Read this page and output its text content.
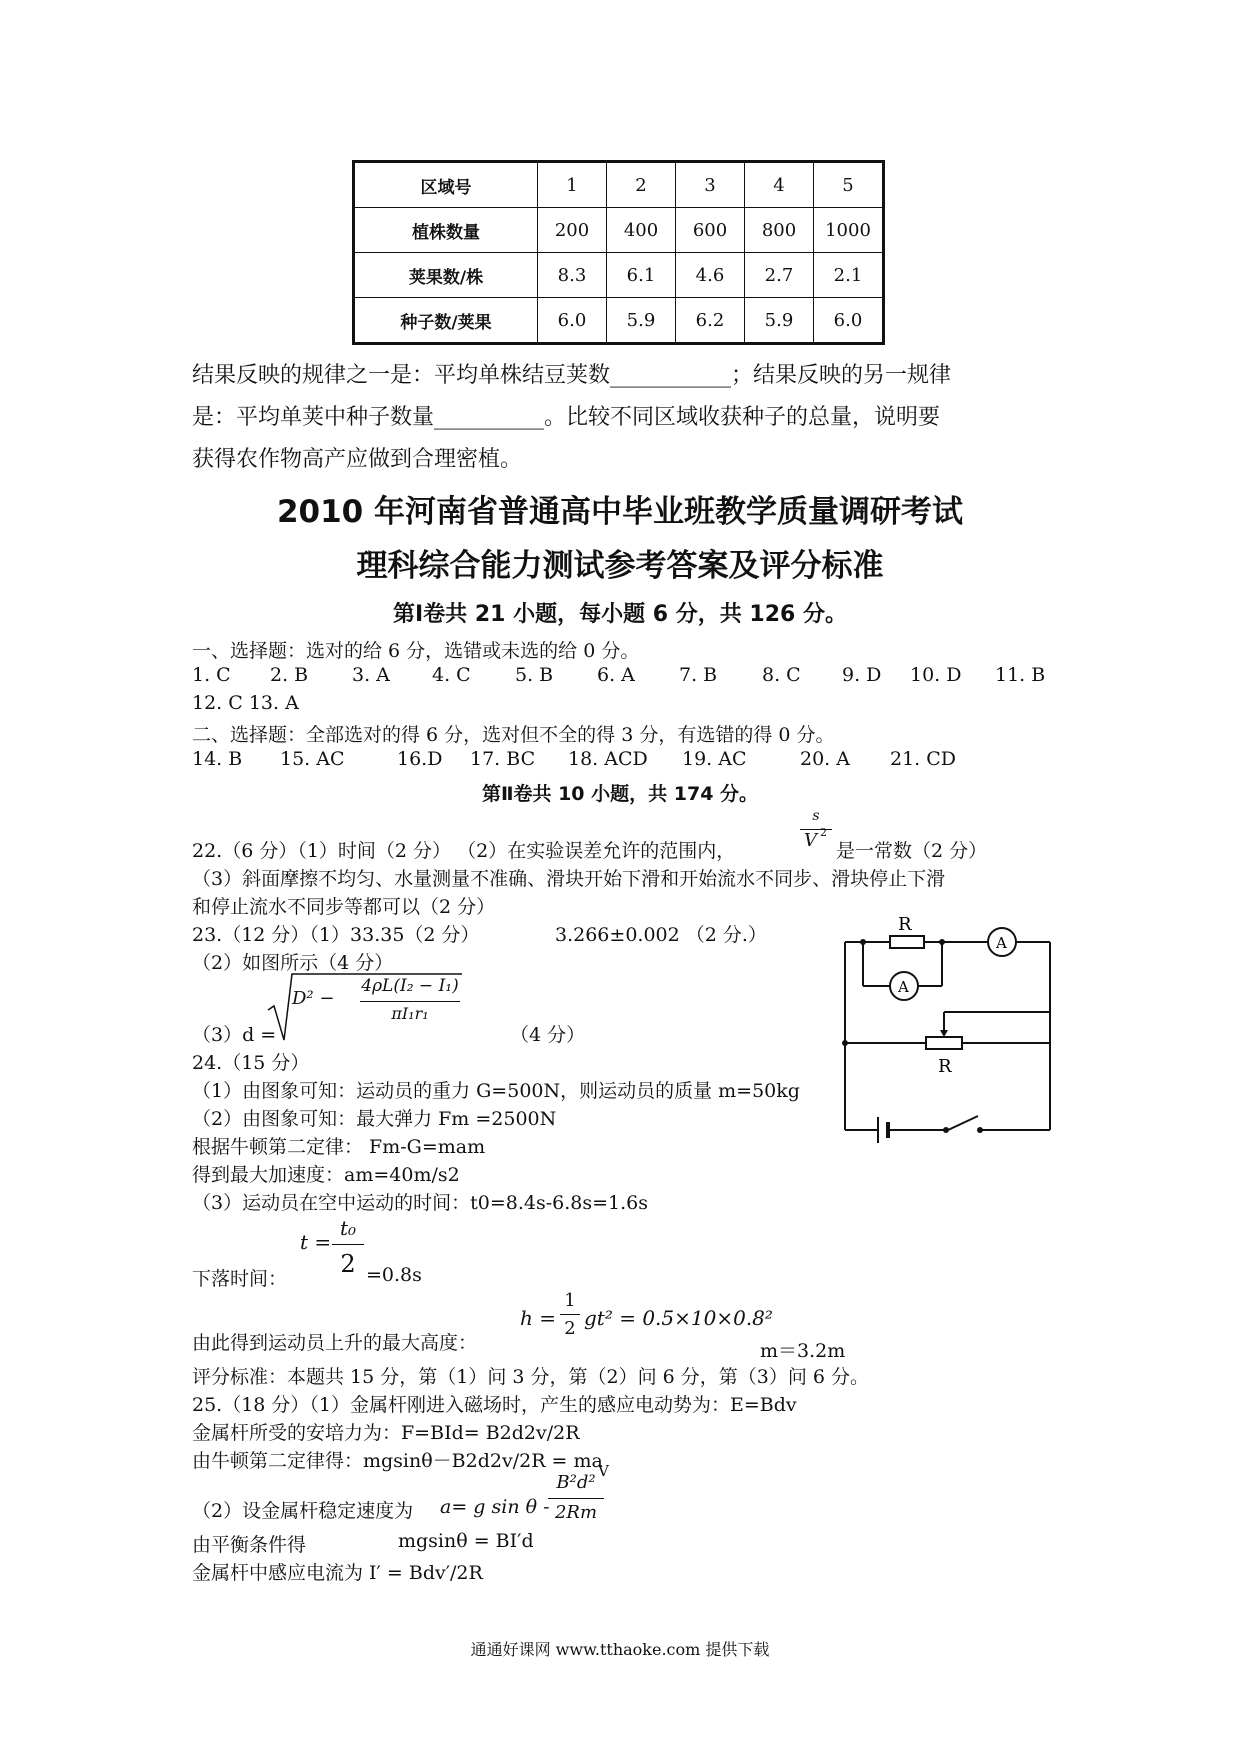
区域号	1	2	3	4	5
植株数量	200	400	600	800	1000
荚果数/株	8.3	6.1	4.6	2.7	2.1
种子数/荚果	6.0	5.9	6.2	5.9	6.0
结果反映的规律之一是：平均单株结豆荚数___________；结果反映的另一规律
是：平均单荚中种子数量__________。比较不同区域收获种子的总量，说明要
获得农作物高产应做到合理密植。
2010 年河南省普通高中毕业班教学质量调研考试
理科综合能力测试参考答案及评分标准
第Ⅰ卷共 21 小题，每小题 6 分，共 126 分。
一、选择题：选对的给 6 分，选错或未选的给 0 分。
1. C 2. B 3. A 4. C 5. B 6. A 7. B 8. C 9. D 10. D 11. B
12. C 13. A
二、选择题：全部选对的得 6 分，选对但不全的得 3 分，有选错的得 0 分。
14. B 15. AC	16.D 17. BC 18. ACD 19. AC	20. A 21. CD
第Ⅱ卷共 10 小题，共 174 分。
22.（6 分）（1）时间（2 分） （2）在实验误差允许的范围内，
s
V 2
是一常数（2 分）
（3）斜面摩擦不均匀、水量测量不准确、滑块开始下滑和开始流水不同步、滑块停止下滑
和停止流水不同步等都可以（2 分）
23.（12 分）（1）33.35（2 分）	3.266±0.002 （2 分.）
（2）如图所示（4 分）
（3）d =
D² −
4ρL(I₂ − I₁)
πI₁r₁
（4 分）
R
R
A
A
24.（15 分）
（1）由图象可知：运动员的重力 G=500N，则运动员的质量 m=50kg
（2）由图象可知：最大弹力 Fm =2500N
根据牛顿第二定律： Fm-G=mam
得到最大加速度：am=40m/s2
（3）运动员在空中运动的时间：t0=8.4s-6.8s=1.6s
下落时间：
t =
t₀
2 =0.8s
由此得到运动员上升的最大高度：
h =
1
2 gt² = 0.5×10×0.8²
m＝3.2m
评分标准：本题共 15 分，第（1）问 3 分，第（2）问 6 分，第（3）问 6 分。
25.（18 分）（1）金属杆刚进入磁场时，产生的感应电动势为：E=Bdv
金属杆所受的安培力为：F=BId= B2d2v/2R
由牛顿第二定律得：mgsinθ－B2d2v/2R = ma
（2）设金属杆稳定速度为 a= g sin θ -
B²d²
2Rm
V
由平衡条件得	mgsinθ = BI′d
金属杆中感应电流为 I′ = Bdv′/2R
通通好课网 www.tthaoke.com 提供下载
